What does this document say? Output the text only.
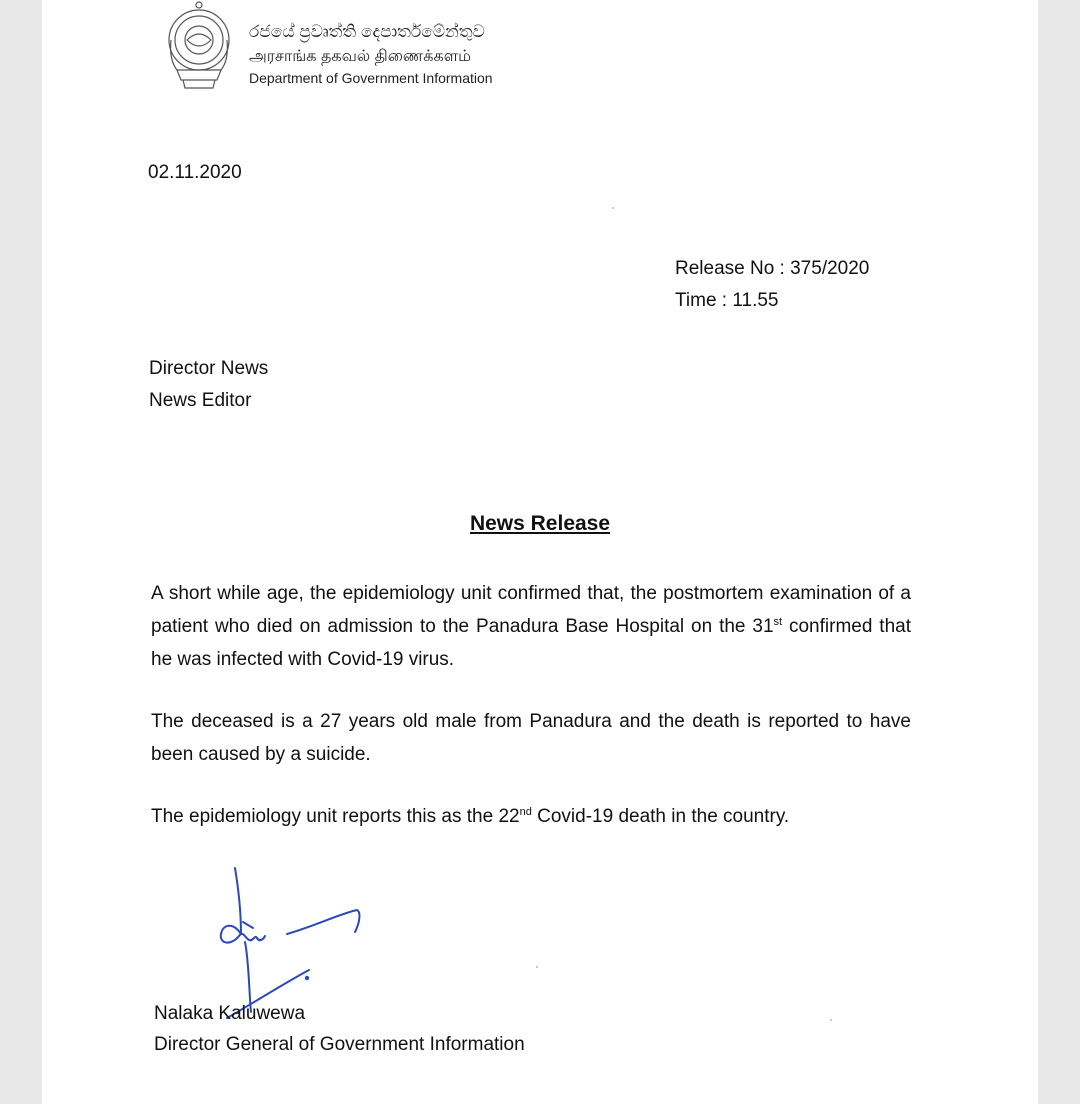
රජයේ ප්‍රවෘත්ති දෙපාර්තමේන්තුව
அரசாங்க தகவல் திணைக்களம்
Department of Government Information
02.11.2020
Release No : 375/2020
Time : 11.55
Director News
News Editor
News Release
A short while age, the epidemiology unit confirmed that, the postmortem examination of a patient who died on admission to the Panadura Base Hospital on the 31st confirmed that he was infected with Covid-19 virus.
The deceased is a 27 years old male from Panadura and the death is reported to have been caused by a suicide.
The epidemiology unit reports this as the 22nd Covid-19 death in the country.
Nalaka Kaluwewa
Director General of Government Information
